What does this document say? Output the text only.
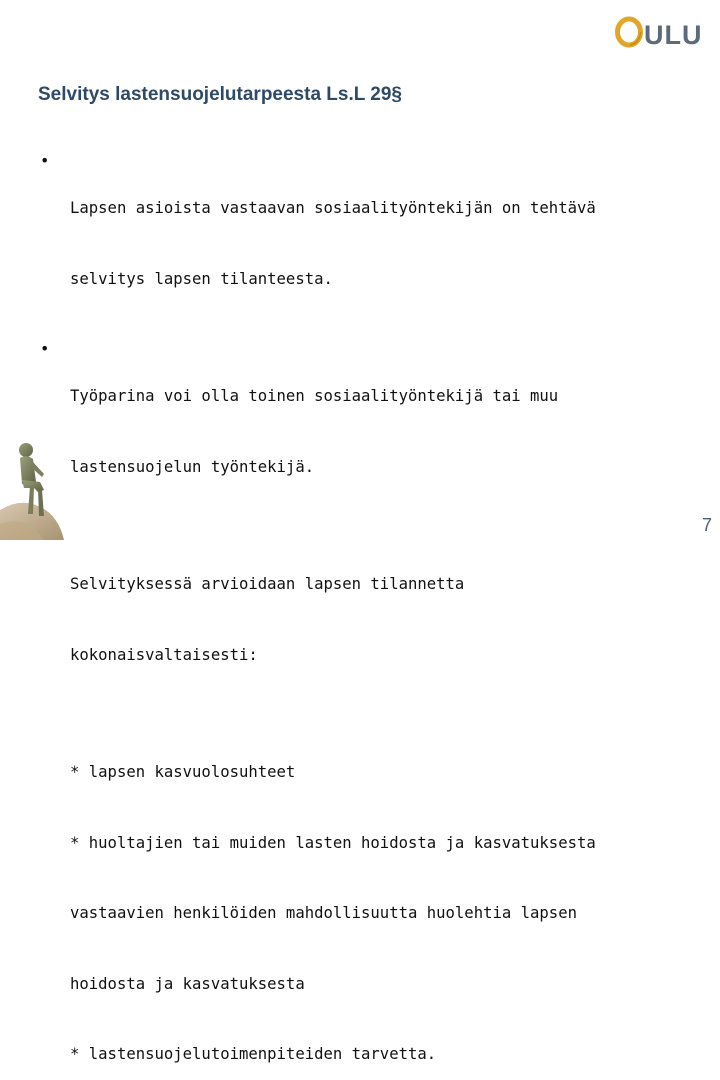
ULU
Selvitys lastensuojelutarpeesta Ls.L 29§
•

Lapsen asioista vastaavan sosiaalityöntekijän on tehtävä

selvitys lapsen tilanteesta.

•

Työparina voi olla toinen sosiaalityöntekijä tai muu

lastensuojelun työntekijä.

Selvityksessä arvioidaan lapsen tilannetta

kokonaisvaltaisesti:

* lapsen kasvuolosuhteet

* huoltajien tai muiden lasten hoidosta ja kasvatuksesta

vastaavien henkilöiden mahdollisuutta huolehtia lapsen

hoidosta ja kasvatuksesta

* lastensuojelutoimenpiteiden tarvetta.

7
